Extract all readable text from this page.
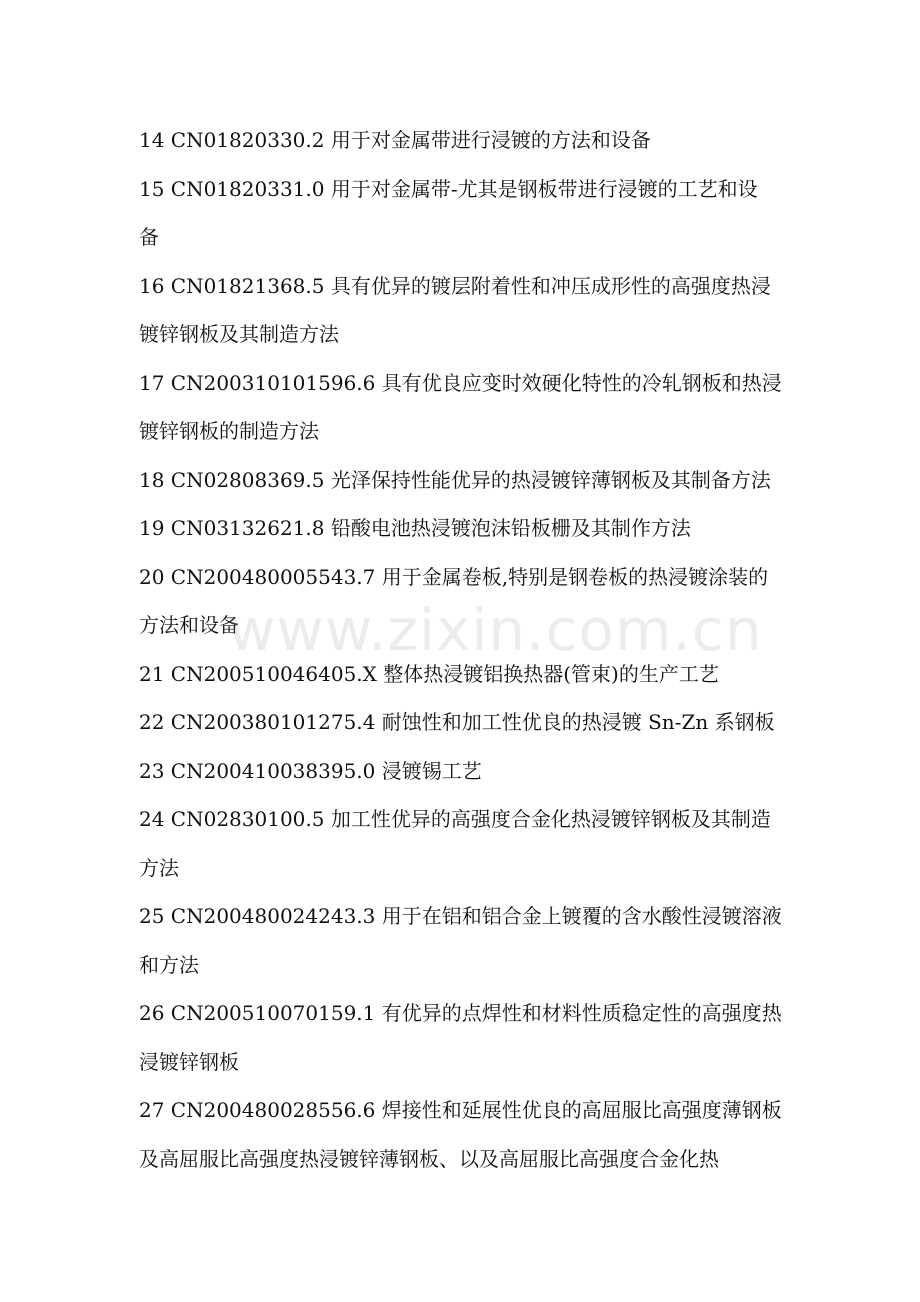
14 CN01820330.2 用于对金属带进行浸镀的方法和设备
15 CN01820331.0 用于对金属带-尤其是钢板带进行浸镀的工艺和设
备
16 CN01821368.5 具有优异的镀层附着性和冲压成形性的高强度热浸
镀锌钢板及其制造方法
17 CN200310101596.6 具有优良应变时效硬化特性的冷轧钢板和热浸
镀锌钢板的制造方法
18 CN02808369.5 光泽保持性能优异的热浸镀锌薄钢板及其制备方法
19 CN03132621.8 铅酸电池热浸镀泡沫铅板栅及其制作方法
20 CN200480005543.7 用于金属卷板,特别是钢卷板的热浸镀涂装的
方法和设备
21 CN200510046405.X 整体热浸镀铝换热器(管束)的生产工艺
22 CN200380101275.4 耐蚀性和加工性优良的热浸镀 Sn-Zn 系钢板
23 CN200410038395.0 浸镀锡工艺
24 CN02830100.5 加工性优异的高强度合金化热浸镀锌钢板及其制造
方法
25 CN200480024243.3 用于在铝和铝合金上镀覆的含水酸性浸镀溶液
和方法
26 CN200510070159.1 有优异的点焊性和材料性质稳定性的高强度热
浸镀锌钢板
27 CN200480028556.6 焊接性和延展性优良的高屈服比高强度薄钢板
及高屈服比高强度热浸镀锌薄钢板、以及高屈服比高强度合金化热
www.zixin.com.cn
